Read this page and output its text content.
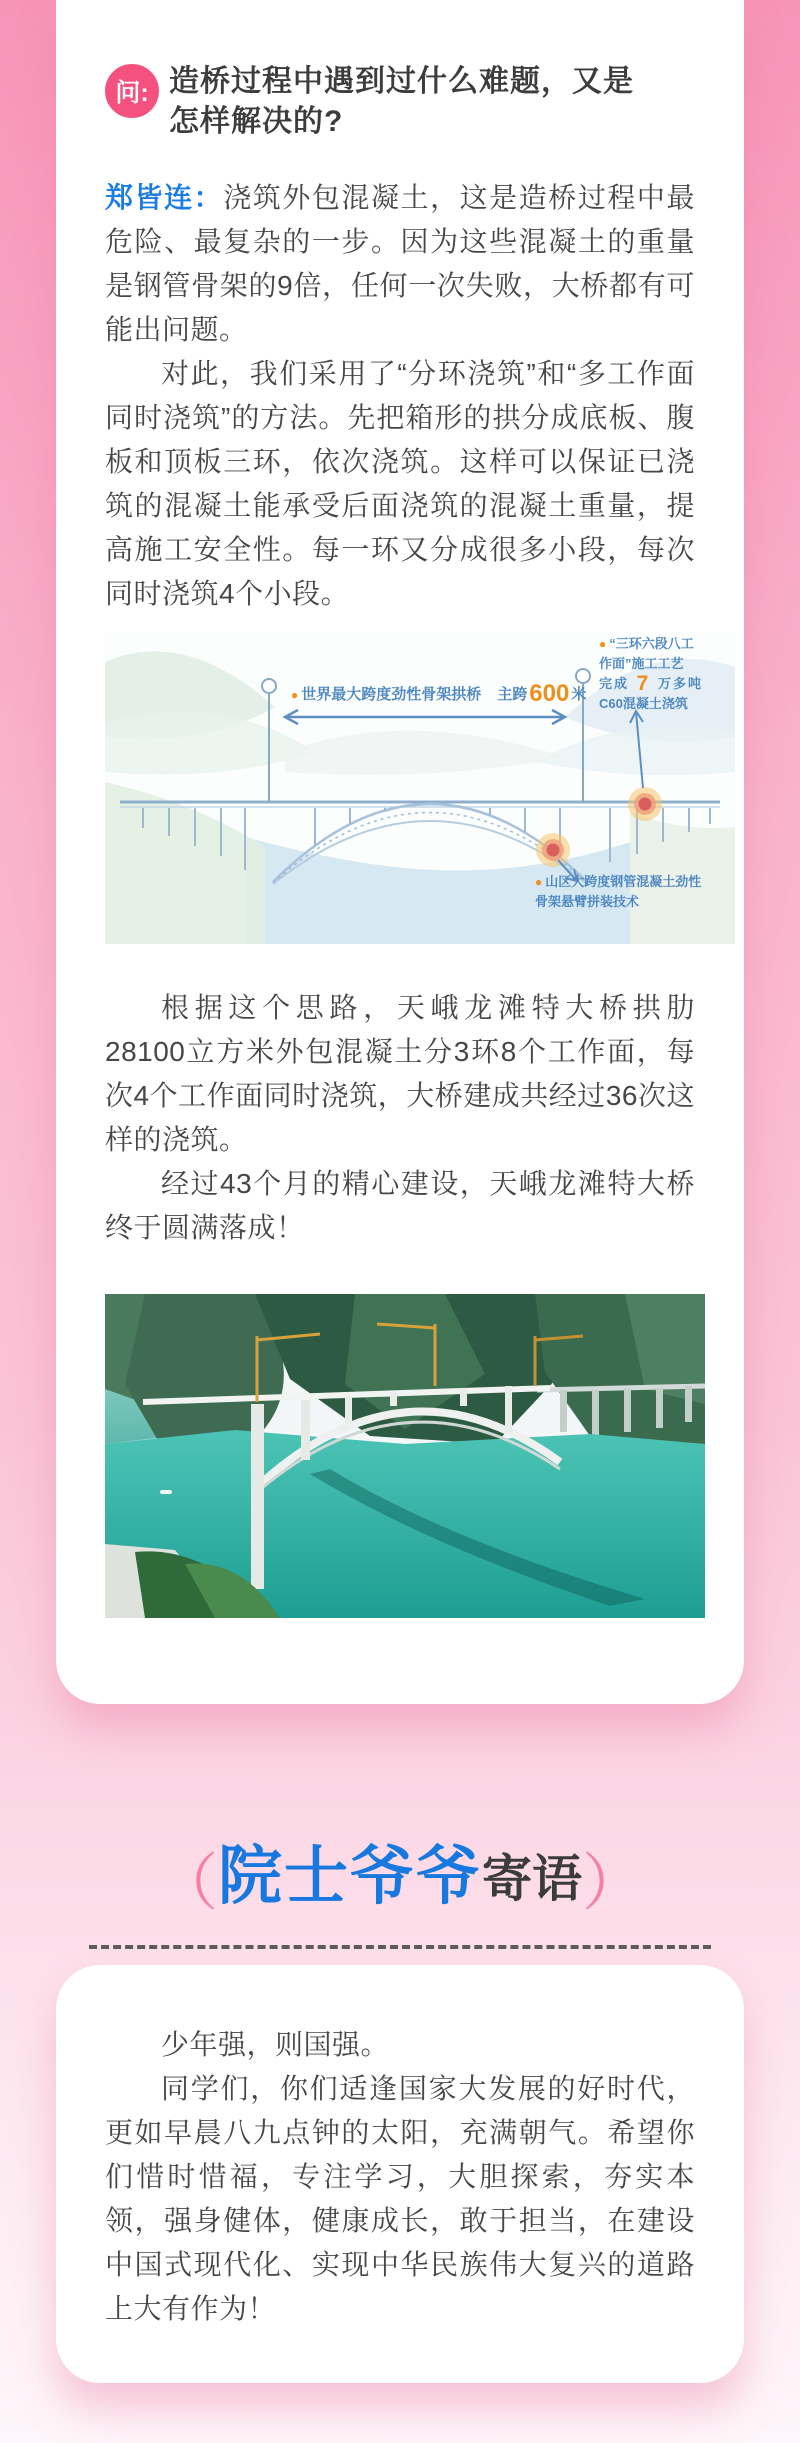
问: 造桥过程中遇到过什么难题，又是
怎样解决的?

郑皆连：浇筑外包混凝土，这是造桥过程中最危险、最复杂的一步。因为这些混凝土的重量是钢管骨架的9倍，任何一次失败，大桥都有可能出问题。

对此，我们采用了“分环浇筑”和“多工作面同时浇筑”的方法。先把箱形的拱分成底板、腹板和顶板三环，依次浇筑。这样可以保证已浇筑的混凝土能承受后面浇筑的混凝土重量，提高施工安全性。每一环又分成很多小段，每次同时浇筑4个小段。

● 世界最大跨度劲性骨架拱桥 主跨600 米
● “三环六段八工
作面”施工工艺
完成 7 万多吨
C60混凝土浇筑
● 山区大跨度钢管混凝土劲性
骨架悬臂拼装技术

根据这个思路，天峨龙滩特大桥拱肋28100立方米外包混凝土分3环8个工作面，每次4个工作面同时浇筑，大桥建成共经过36次这样的浇筑。

经过43个月的精心建设，天峨龙滩特大桥终于圆满落成！

（院士爷爷寄语）

少年强，则国强。

同学们，你们适逢国家大发展的好时代，更如早晨八九点钟的太阳，充满朝气。希望你们惜时惜福，专注学习，大胆探索，夯实本领，强身健体，健康成长，敢于担当，在建设中国式现代化、实现中华民族伟大复兴的道路上大有作为！
